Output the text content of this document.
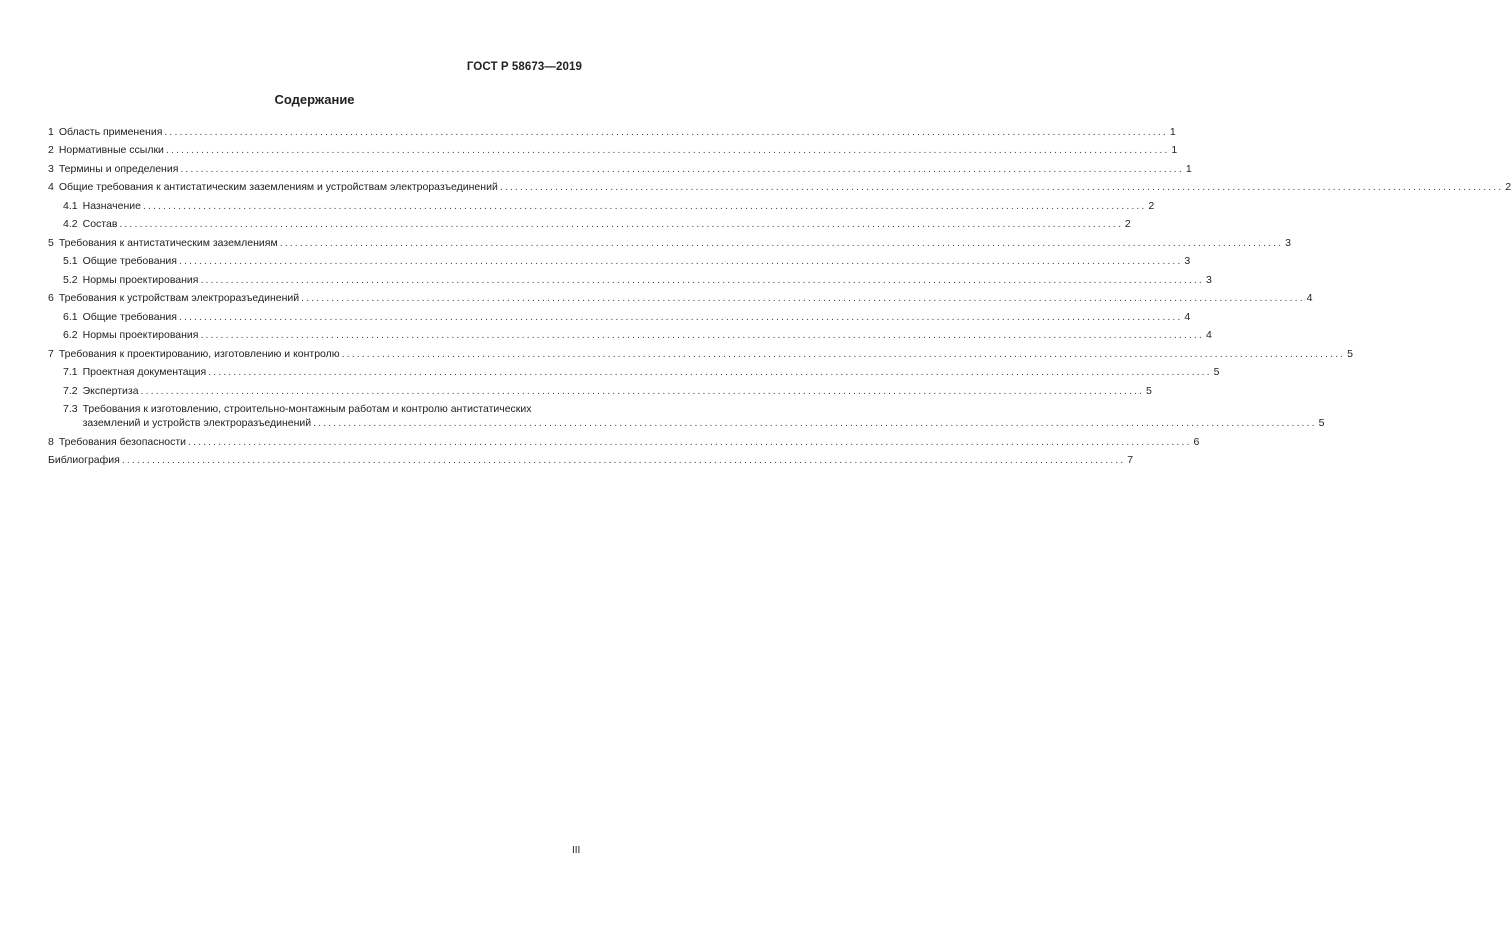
ГОСТ Р 58673—2019
Содержание
1 Область применения ........................................................................................................................................................................................................ 1
2 Нормативные ссылки ........................................................................................................................................................................................................ 1
3 Термины и определения ........................................................................................................................................................................................................ 1
4 Общие требования к антистатическим заземлениям и устройствам электроразъединений ........................................................................................................................................................................................................ 2
4.1 Назначение ........................................................................................................................................................................................................ 2
4.2 Состав ........................................................................................................................................................................................................ 2
5 Требования к антистатическим заземлениям ........................................................................................................................................................................................................ 3
5.1 Общие требования ........................................................................................................................................................................................................ 3
5.2 Нормы проектирования ........................................................................................................................................................................................................ 3
6 Требования к устройствам электроразъединений ........................................................................................................................................................................................................ 4
6.1 Общие требования ........................................................................................................................................................................................................ 4
6.2 Нормы проектирования ........................................................................................................................................................................................................ 4
7 Требования к проектированию, изготовлению и контролю ........................................................................................................................................................................................................ 5
7.1 Проектная документация ........................................................................................................................................................................................................ 5
7.2 Экспертиза ........................................................................................................................................................................................................ 5
7.3 Требования к изготовлению, строительно-монтажным работам и контролю антистатических
заземлений и устройств электроразъединений ........................................................................................................................................................................................................ 5
8 Требования безопасности ........................................................................................................................................................................................................ 6
Библиография ........................................................................................................................................................................................................ 7
III
